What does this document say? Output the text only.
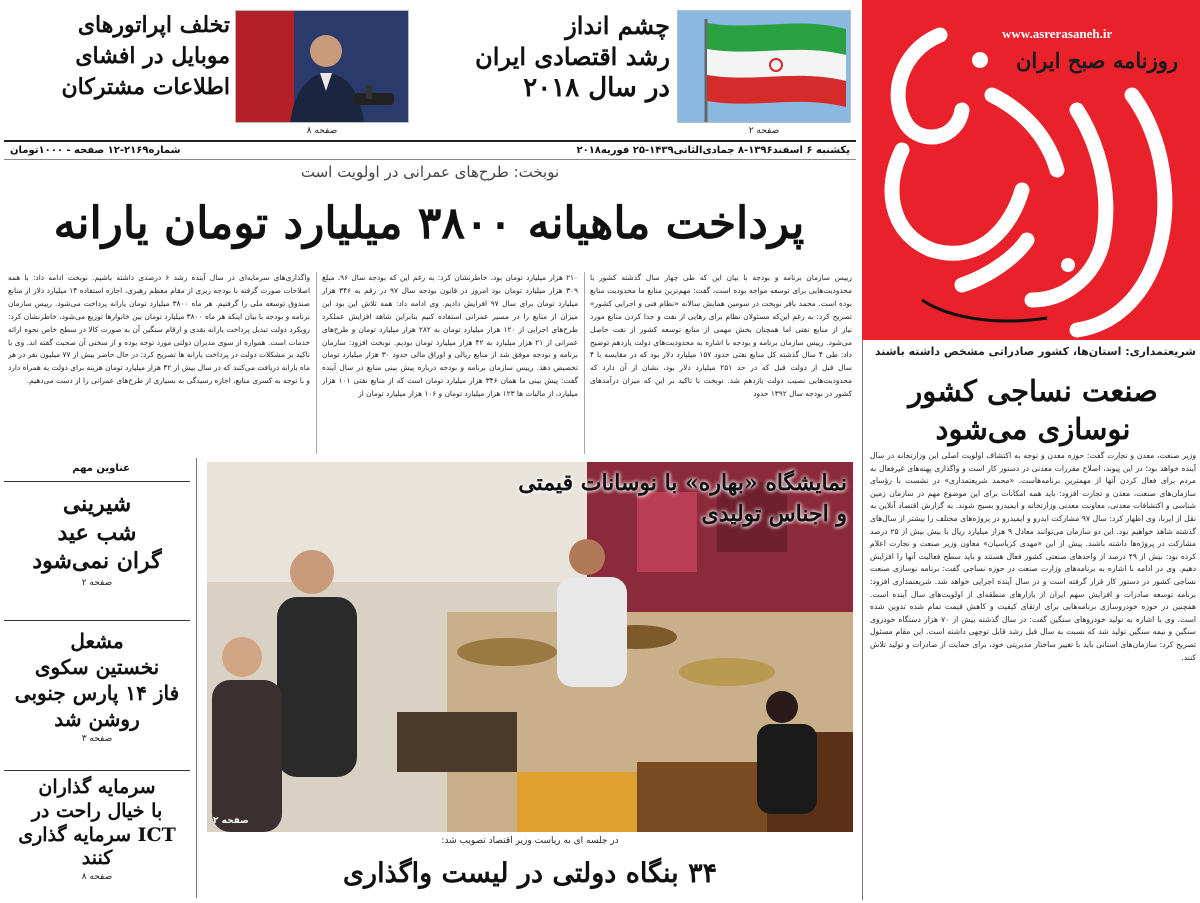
www.asrerasaneh.ir
روزنامه صبح ایران
صفحه ۲
چشم انداز
رشد اقتصادی ایران
در سال ۲۰۱۸
صفحه ۸
تخلف اپراتورهای
موبایل در افشای
اطلاعات مشترکان
یکشنبه ۶ اسفند۱۳۹۶-۸ جمادی‌الثانی۱۴۳۹-۲۵ فوریه۲۰۱۸
شماره۲۱۶۹-۱۲ صفحه - ۱۰۰۰تومان
نوبخت: طرح‌های عمرانی در اولویت است
پرداخت ماهیانه ۳۸۰۰ میلیارد تومان یارانه
رییس سازمان برنامه و بودجه با بیان این که طی چهار سال گذشته کشور با محدودیت‌هایی برای توسعه مواجه بوده است، گفت: مهم‌ترین منابع ما محدودیت منابع بوده است. محمد باقر نوبخت در سومین همایش سالانه «نظام فنی و اجرایی کشور» تصریح کرد: به رغم این‌که مسئولان نظام برای رهایی از نفت و جدا کردن منابع مورد نیاز از منابع نفتی اما همچنان بخش مهمی از منابع توسعه کشور از نفت حاصل می‌شود. رییس سازمان برنامه و بودجه با اشاره به محدودیت‌های دولت یازدهم توضیح داد: طی ۴ سال گذشته کل منابع نفتی حدود ۱۵۷ میلیارد دلار بود که در مقایسه با ۴ سال قبل از دولت قبل که در حد ۲۵۱ میلیارد دلار بود، نشان از آن دارد که محدودیت‌هایی نصیب دولت یازدهم شد. نوبخت با تاکید بر این که میزان درآمدهای کشور در بودجه سال ۱۳۹۲ حدود
۲۱۰ هزار میلیارد تومان بود، خاطرنشان کرد: به رغم این که بودجه سال ۹۶، مبلغ ۳۰۹ هزار میلیارد تومان بود امروز در قانون بودجه سال ۹۷ در رقم به ۳۴۶ هزار میلیارد تومان برای سال ۹۷ افزایش دادیم. وی ادامه داد: همه تلاش این بود این میزان از منابع را در مسیر عمرانی استفاده کنیم بنابراین شاهد افزایش عملکرد طرح‌های اجرایی از ۱۲۰ هزار میلیارد تومان به ۲۸۲ هزار میلیارد تومان و طرح‌های عمرانی از ۲۱ هزار میلیارد به ۴۲ هزار میلیارد تومان بودیم. نوبخت افزود: سازمان برنامه و بودجه موفق شد از منابع ریالی و اوراق مالی حدود ۳۰ هزار میلیارد تومان تخصیص دهد. رییس سازمان برنامه و بودجه درباره پیش بینی منابع در سال آینده گفت: پیش بینی ما همان ۳۴۶ هزار میلیارد تومان است که از منابع نفتی ۱۰۱ هزار میلیارد، از مالیات ها ۱۲۳ هزار میلیارد تومان و ۱۰۶ هزار میلیارد تومان از
واگذاری‌های سرمایه‌ای در سال آینده رشد ۶ درصدی داشته باشیم. نوبخت ادامه داد: با همه اصلاحات صورت گرفته با بودجه ریزی از مقام معظم رهبری، اجازه استفاده ۱۴ میلیارد دلار از منابع صندوق توسعه ملی را گرفتیم. هر ماه ۳۸۰۰ میلیارد تومان یارانه پرداخت می‌شود. رییس سازمان برنامه و بودجه با بیان اینکه هر ماه ۳۸۰۰ میلیارد تومان بین خانوارها توزیع می‌شود، خاطرنشان کرد: رویکرد دولت تبدیل پرداخت یارانه نقدی و ارقام سنگین آن به صورت کالا در سطح خاص نحوه ارائه خدمات است. همواره از سوی مدیران دولتی مورد توجه بوده و از سخنی آن صحبت گفته اند. وی با تاکید بر مشکلات دولت در پرداخت یارانه ها تصریح کرد: در حال حاضر بیش از ۷۷ میلیون نفر در هر ماه یارانه دریافت می‌کنند که در سال بیش از ۴۲ هزار میلیارد تومان هزینه برای دولت به همراه دارد و با توجه به کسری منابع، اجازه رسیدگی به بسیاری از طرح‌های عمرانی را از دست می‌دهیم.
نمایشگاه «بهاره» با نوسانات قیمتی
و اجناس تولیدی
صفحه ۲
در جلسه ای به ریاست وزیر اقتصاد تصویب شد:
۳۴ بنگاه دولتی در لیست واگذاری
عناوین مهم
شیرینی
شب عید
گران نمی‌شود
صفحه ۲
مشعل
نخستین سکوی
فاز ۱۴ پارس جنوبی
روشن شد
صفحه ۳
سرمایه گذاران
با خیال راحت در
ICT سرمایه گذاری
کنند
صفحه ۸
شریعتمداری: استان‌ها، کشور صادراتی مشخص داشته باشند
صنعت نساجی کشور
نوسازی می‌شود
وزیر صنعت، معدن و تجارت گفت: حوزه معدن و توجه به اکتشاف اولویت اصلی این وزارتخانه در سال آینده خواهد بود؛ در این پیوند، اصلاح مقررات معدنی در دستور کار است و واگذاری پهنه‌های غیرفعال به مردم برای فعال کردن آنها از مهمترین برنامه‌هاست. «محمد شریعتمداری» در نشست با رؤسای سازمان‌های صنعت، معدن و تجارت افزود: باید همه امکانات برای این موضوع مهم در سازمان زمین شناسی و اکتشافات معدنی، معاونت معدنی وزارتخانه و ایمیدرو بسیج شوند. به گزارش اقتصاد آنلاین به نقل از ایرنا، وی اظهار کرد: سال ۹۷ مشارکت ایدرو و ایمیدرو در پروژه‌های مختلف را بیشتر از سال‌های گذشته شاهد خواهیم بود. این دو سازمان می‌توانند معادل ۹ هزار میلیارد ریال با بیش بیش از ۲۵ درصد مشارکت در پروژه‌ها داشته باشند. پیش از این «مهدی کرباسیان» معاون وزیر صنعت و تجارت اعلام کرده بود: بیش از ۴۹ درصد از واحدهای صنعتی کشور فعال هستند و باید سطح فعالیت آنها را افزایش دهیم. وی در ادامه با اشاره به برنامه‌های وزارت صنعت در حوزه نساجی گفت: برنامه نوسازی صنعت نساجی کشور در دستور کار قرار گرفته است و در سال آینده اجرایی خواهد شد. شریعتمداری افزود: برنامه توسعه صادرات و افزایش سهم ایران از بازارهای منطقه‌ای از اولویت‌های سال آینده است. همچنین در حوزه خودروسازی برنامه‌هایی برای ارتقای کیفیت و کاهش قیمت تمام شده تدوین شده است. وی با اشاره به تولید خودروهای سنگین گفت: در سال گذشته بیش از ۷۰ هزار دستگاه خودروی سنگین و نیمه سنگین تولید شد که نسبت به سال قبل رشد قابل توجهی داشته است. این مقام مسئول تصریح کرد: سازمان‌های استانی باید با تغییر ساختار مدیریتی خود، برای حمایت از صادرات و تولید تلاش کنند.
